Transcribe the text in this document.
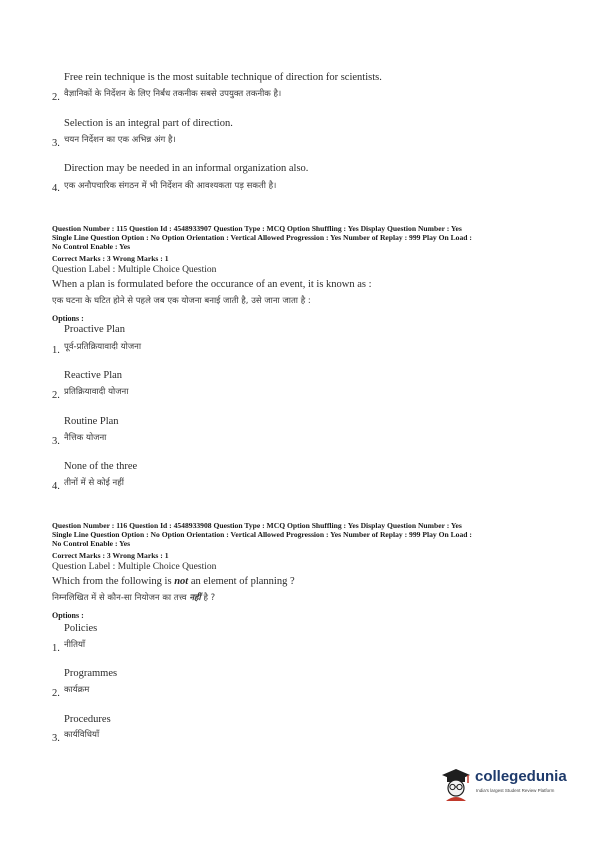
Free rein technique is the most suitable technique of direction for scientists.
2. वैज्ञानिकों के निर्देशन के लिए निर्बंध तकनीक सबसे उपयुक्त तकनीक है।
Selection is an integral part of direction.
3. चयन निर्देशन का एक अभिन्न अंग है।
Direction may be needed in an informal organization also.
4. एक अनौपचारिक संगठन में भी निर्देशन की आवश्यकता पड़ सकती है।
Question Number : 115 Question Id : 4548933907 Question Type : MCQ Option Shuffling : Yes Display Question Number : Yes
Single Line Question Option : No Option Orientation : Vertical Allowed Progression : Yes Number of Replay : 999 Play On Load :
No Control Enable : Yes
Correct Marks : 3 Wrong Marks : 1
Question Label : Multiple Choice Question
When a plan is formulated before the occurance of an event, it is known as :
एक घटना के घटित होने से पहले जब एक योजना बनाई जाती है, उसे जाना जाता है :
Options :
Proactive Plan
1. पूर्व-प्रतिक्रियावादी योजना
Reactive Plan
2. प्रतिक्रियावादी योजना
Routine Plan
3. नैत्तिक योजना
None of the three
4. तीनों में से कोई नहीं
Question Number : 116 Question Id : 4548933908 Question Type : MCQ Option Shuffling : Yes Display Question Number : Yes
Single Line Question Option : No Option Orientation : Vertical Allowed Progression : Yes Number of Replay : 999 Play On Load :
No Control Enable : Yes
Correct Marks : 3 Wrong Marks : 1
Question Label : Multiple Choice Question
Which from the following is not an element of planning ?
निम्नलिखित में से कौन-सा नियोजन का तत्त्व नहीं है ?
Options :
Policies
1. नीतियाँ
Programmes
2. कार्यक्रम
Procedures
3. कार्यविधियाँ
collegedunia
India's largest Student Review Platform
